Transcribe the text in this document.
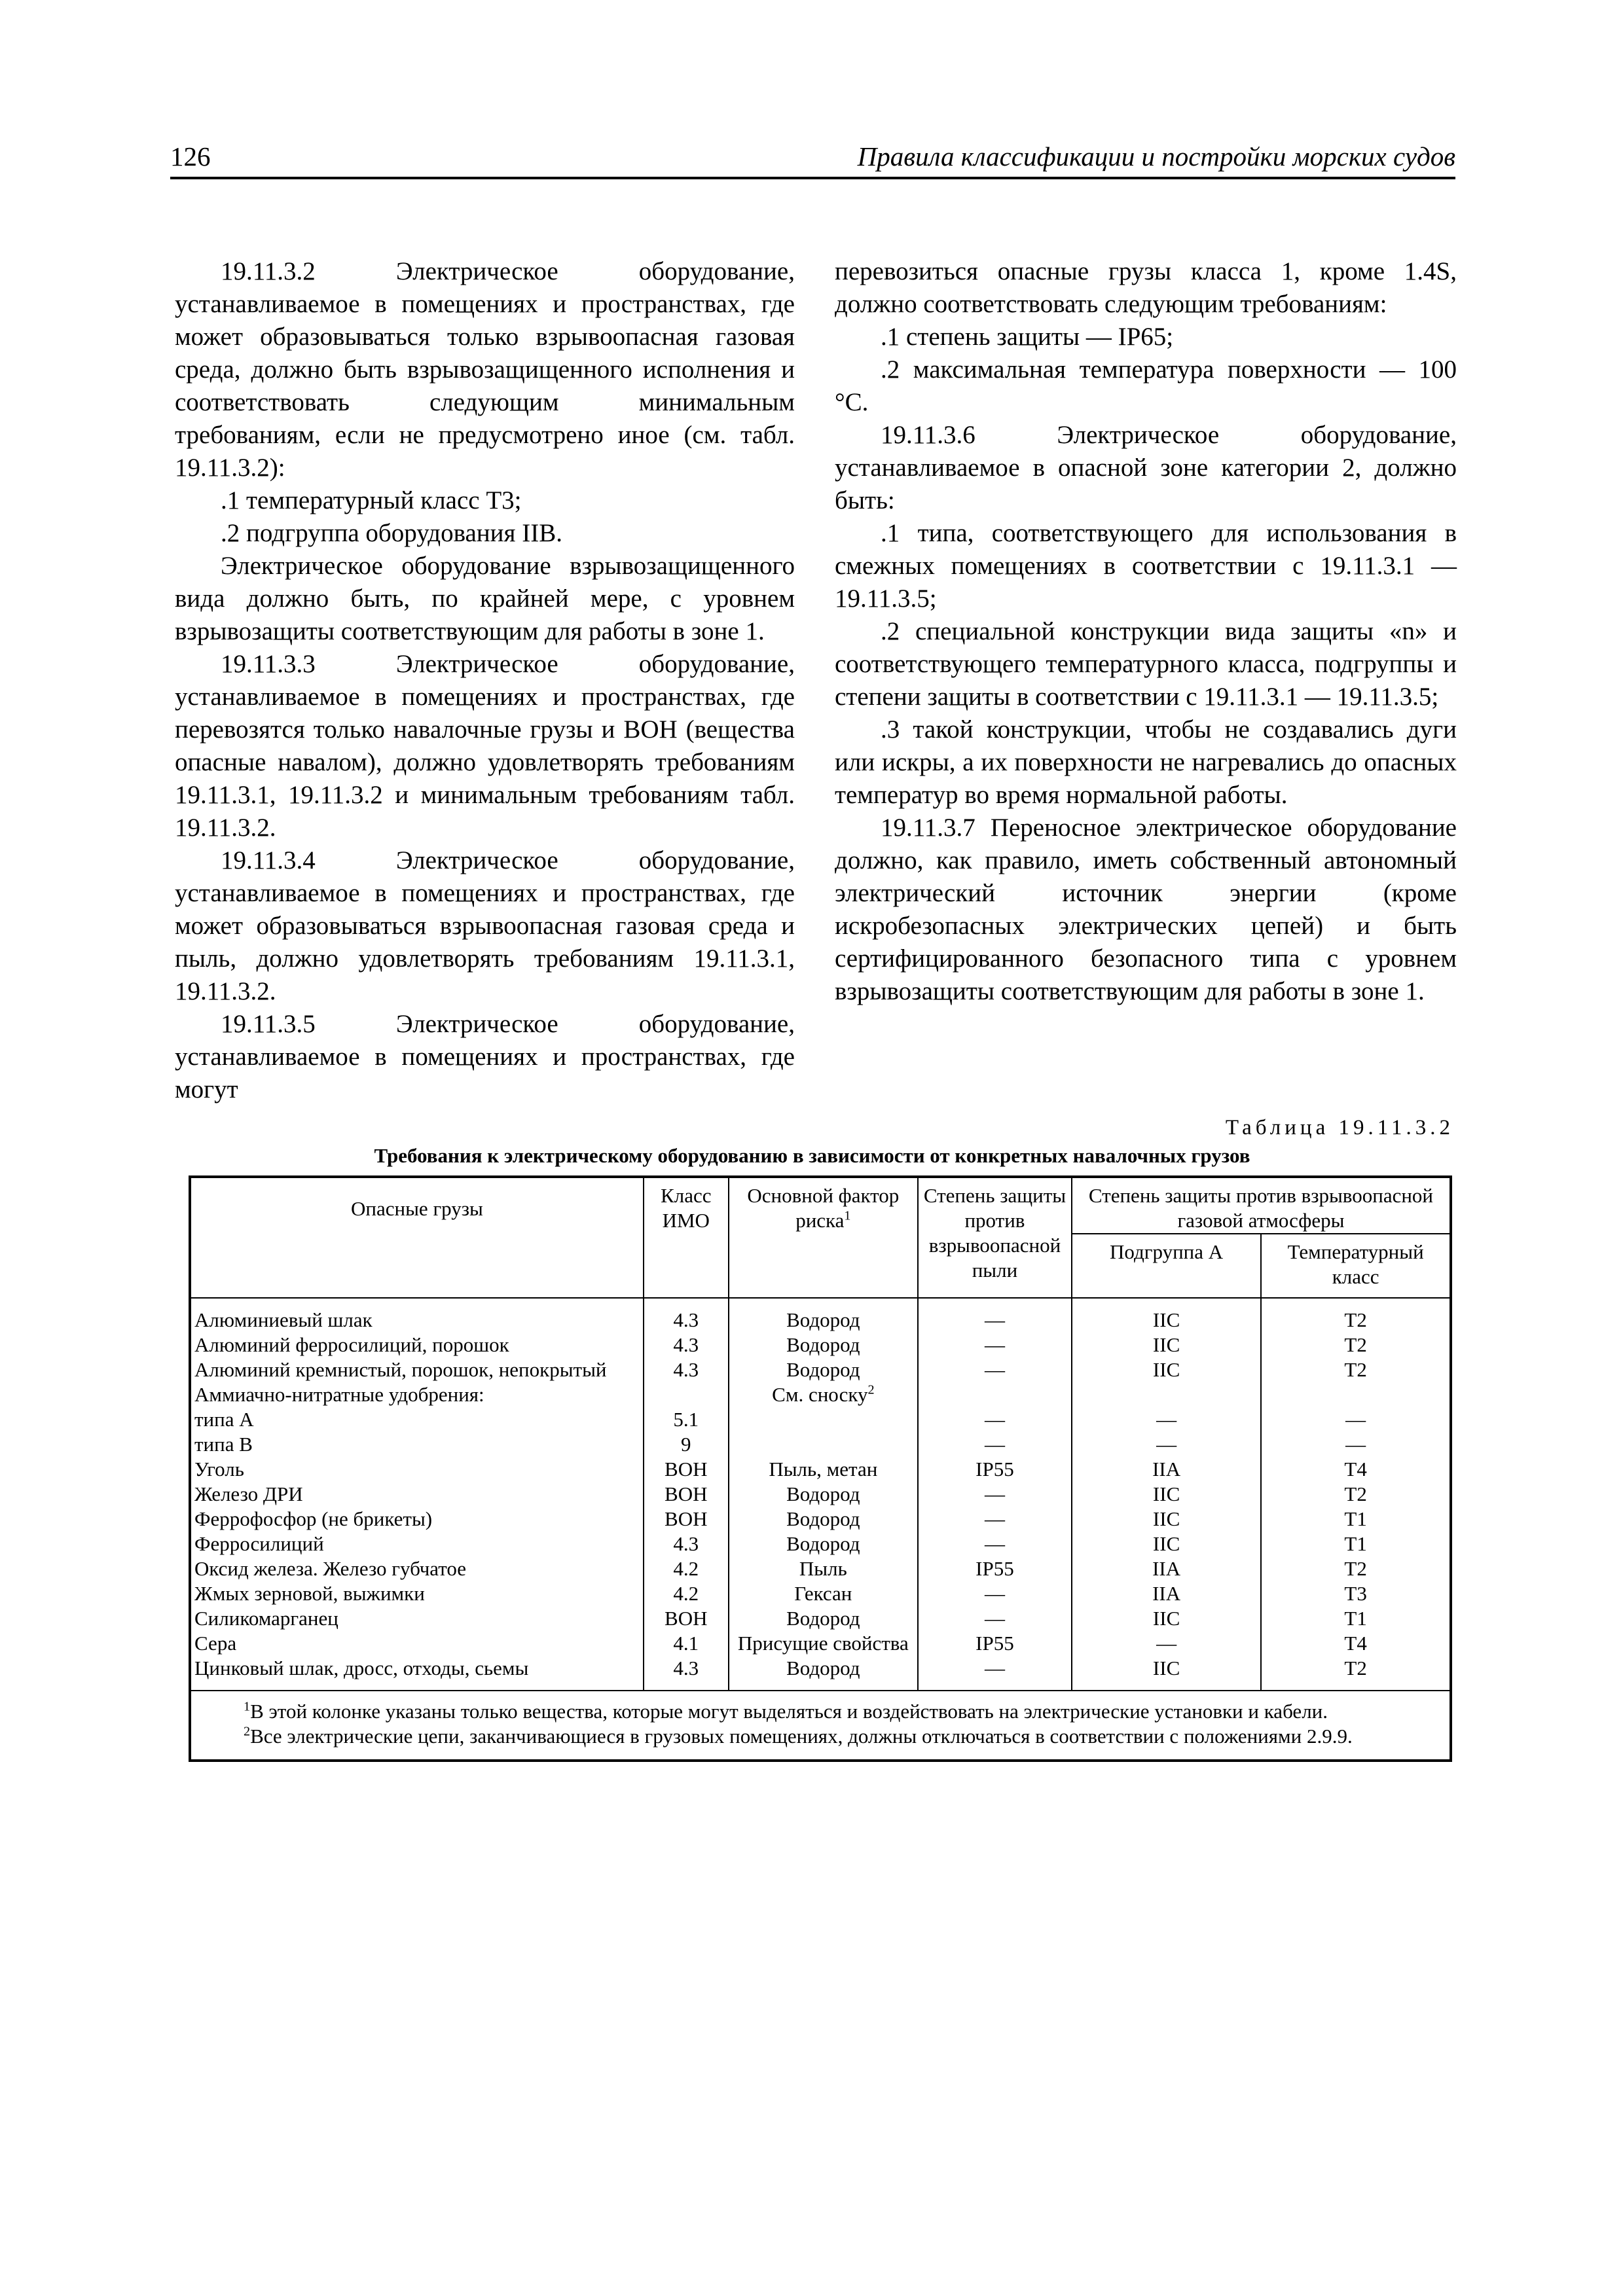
126	Правила классификации и постройки морских судов

19.11.3.2 Электрическое оборудование, устанавливаемое в помещениях и пространствах, где может образовываться только взрывоопасная газовая среда, должно быть взрывозащищенного исполнения и соответствовать следующим минимальным требованиям, если не предусмотрено иное (см. табл. 19.11.3.2):

.1 температурный класс Т3;

.2 подгруппа оборудования IIB.

Электрическое оборудование взрывозащищенного вида должно быть, по крайней мере, с уровнем взрывозащиты соответствующим для работы в зоне 1.

19.11.3.3 Электрическое оборудование, устанавливаемое в помещениях и пространствах, где перевозятся только навалочные грузы и ВОН (вещества опасные навалом), должно удовлетворять требованиям 19.11.3.1, 19.11.3.2 и минимальным требованиям табл. 19.11.3.2.

19.11.3.4 Электрическое оборудование, устанавливаемое в помещениях и пространствах, где может образовываться взрывоопасная газовая среда и пыль, должно удовлетворять требованиям 19.11.3.1, 19.11.3.2.

19.11.3.5 Электрическое оборудование, устанавливаемое в помещениях и пространствах, где могут

перевозиться опасные грузы класса 1, кроме 1.4S, должно соответствовать следующим требованиям:

.1 степень защиты — IP65;

.2 максимальная температура поверхности — 100 °С.

19.11.3.6 Электрическое оборудование, устанавливаемое в опасной зоне категории 2, должно быть:

.1 типа, соответствующего для использования в смежных помещениях в соответствии с 19.11.3.1 — 19.11.3.5;

.2 специальной конструкции вида защиты «n» и соответствующего температурного класса, подгруппы и степени защиты в соответствии с 19.11.3.1 — 19.11.3.5;

.3 такой конструкции, чтобы не создавались дуги или искры, а их поверхности не нагревались до опасных температур во время нормальной работы.

19.11.3.7 Переносное электрическое оборудование должно, как правило, иметь собственный автономный электрический источник энергии (кроме искробезопасных электрических цепей) и быть сертифицированного безопасного типа с уровнем взрывозащиты соответствующим для работы в зоне 1.

Таблица 19.11.3.2
Требования к электрическому оборудованию в зависимости от конкретных навалочных грузов
Опасные грузы	Класс ИМО	Основной фактор риска$^1$	Степень защиты против взрывоопасной пыли	Степень защиты против взрывоопасной газовой атмосферы	
				Подгруппа А	Температурный класс
Алюминиевый шлак	4.3	Водород	—	IIC	T2
Алюминий ферросилиций, порошок	4.3	Водород	—	IIC	T2
Алюминий кремнистый, порошок, непокрытый	4.3	Водород	—	IIC	T2
Аммиачно-нитратные удобрения:		См. сноску$^2$			
типа А	5.1		—	—	—
типа В	9		—	—	—
Уголь	ВОН	Пыль, метан	IP55	IIA	T4
Железо ДРИ	ВОН	Водород	—	IIC	T2
Феррофосфор (не брикеты)	ВОН	Водород	—	IIC	T1
Ферросилиций	4.3	Водород	—	IIC	T1
Оксид железа. Железо губчатое	4.2	Пыль	IP55	IIA	T2
Жмых зерновой, выжимки	4.2	Гексан	—	IIA	T3
Силикомарганец	ВОН	Водород	—	IIC	T1
Сера	4.1	Присущие свойства	IP55	—	T4
Цинковый шлак, дросс, отходы, сьемы	4.3	Водород	—	IIC	T2

$^1$В этой колонке указаны только вещества, которые могут выделяться и воздействовать на электрические установки и кабели.
$^2$Все электрические цепи, заканчивающиеся в грузовых помещениях, должны отключаться в соответствии с положениями 2.9.9.					
